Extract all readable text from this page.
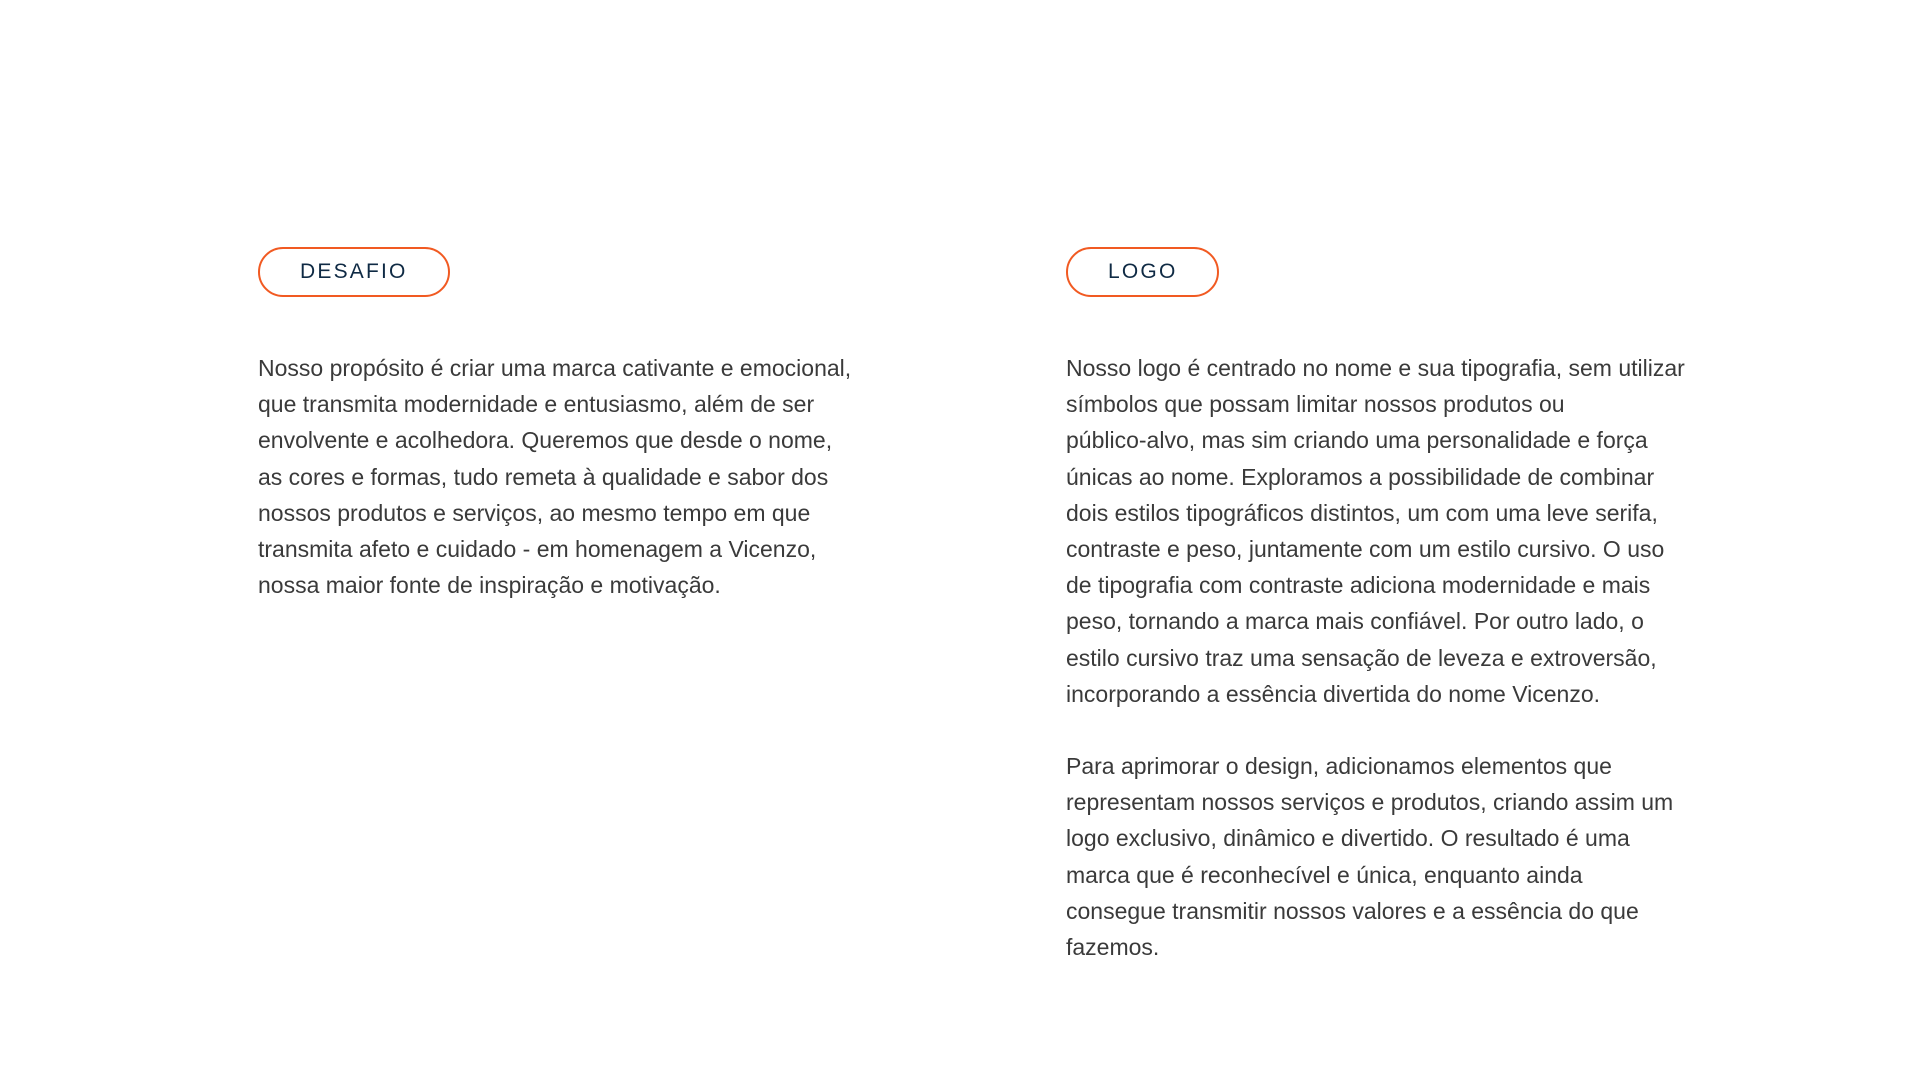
DESAFIO

Nosso propósito é criar uma marca cativante e emocional,
que transmita modernidade e entusiasmo, além de ser
envolvente e acolhedora. Queremos que desde o nome,
as cores e formas, tudo remeta à qualidade e sabor dos
nossos produtos e serviços, ao mesmo tempo em que
transmita afeto e cuidado - em homenagem a Vicenzo,
nossa maior fonte de inspiração e motivação.

LOGO

Nosso logo é centrado no nome e sua tipografia, sem utilizar
símbolos que possam limitar nossos produtos ou
público-alvo, mas sim criando uma personalidade e força
únicas ao nome. Exploramos a possibilidade de combinar
dois estilos tipográficos distintos, um com uma leve serifa,
contraste e peso, juntamente com um estilo cursivo. O uso
de tipografia com contraste adiciona modernidade e mais
peso, tornando a marca mais confiável. Por outro lado, o
estilo cursivo traz uma sensação de leveza e extroversão,
incorporando a essência divertida do nome Vicenzo.

Para aprimorar o design, adicionamos elementos que
representam nossos serviços e produtos, criando assim um
logo exclusivo, dinâmico e divertido. O resultado é uma
marca que é reconhecível e única, enquanto ainda
consegue transmitir nossos valores e a essência do que
fazemos.
